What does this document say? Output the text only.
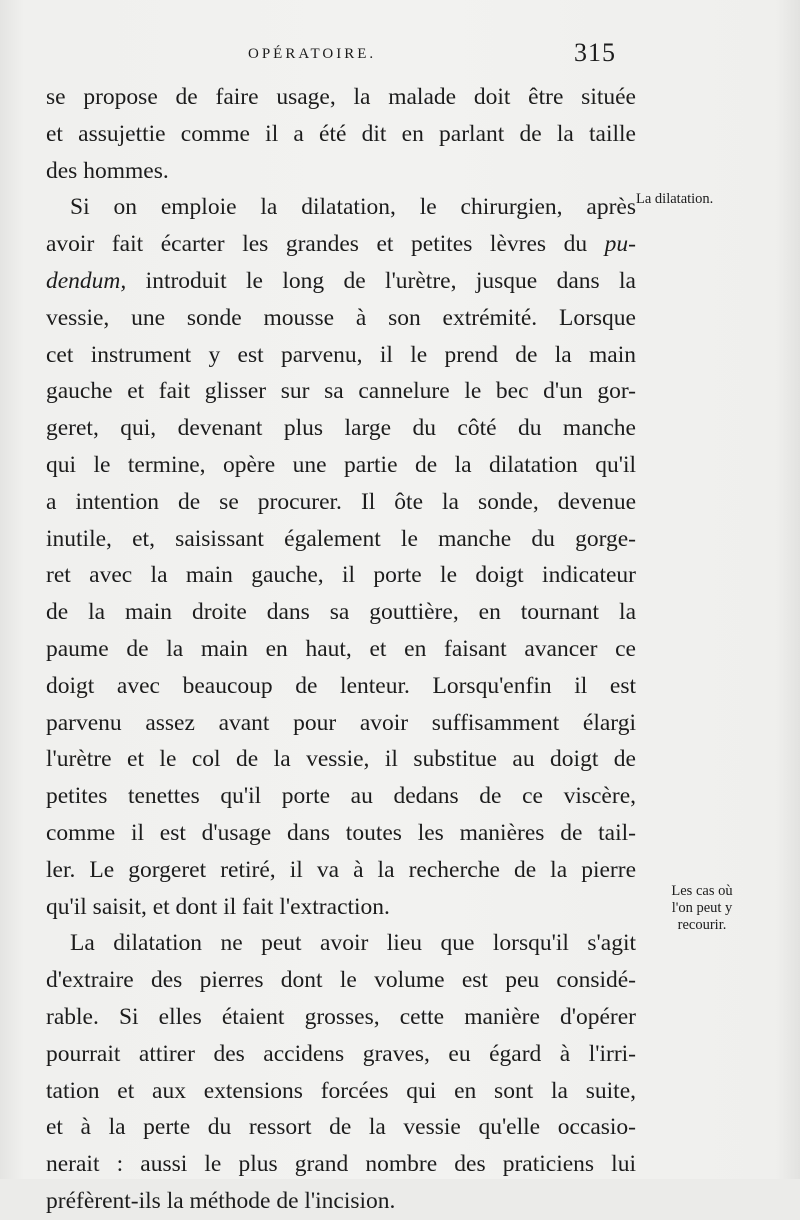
OPÉRATOIRE.	315
se propose de faire usage, la malade doit être située
et assujettie comme il a été dit en parlant de la taille
des hommes.
Si on emploie la dilatation, le chirurgien, après
avoir fait écarter les grandes et petites lèvres du pu-
dendum, introduit le long de l'urètre, jusque dans la
vessie, une sonde mousse à son extrémité. Lorsque
cet instrument y est parvenu, il le prend de la main
gauche et fait glisser sur sa cannelure le bec d'un gor-
geret, qui, devenant plus large du côté du manche
qui le termine, opère une partie de la dilatation qu'il
a intention de se procurer. Il ôte la sonde, devenue
inutile, et, saisissant également le manche du gorge-
ret avec la main gauche, il porte le doigt indicateur
de la main droite dans sa gouttière, en tournant la
paume de la main en haut, et en faisant avancer ce
doigt avec beaucoup de lenteur. Lorsqu'enfin il est
parvenu assez avant pour avoir suffisamment élargi
l'urètre et le col de la vessie, il substitue au doigt de
petites tenettes qu'il porte au dedans de ce viscère,
comme il est d'usage dans toutes les manières de tail-
ler. Le gorgeret retiré, il va à la recherche de la pierre
qu'il saisit, et dont il fait l'extraction.
La dilatation ne peut avoir lieu que lorsqu'il s'agit
d'extraire des pierres dont le volume est peu considé-
rable. Si elles étaient grosses, cette manière d'opérer
pourrait attirer des accidens graves, eu égard à l'irri-
tation et aux extensions forcées qui en sont la suite,
et à la perte du ressort de la vessie qu'elle occasio-
nerait : aussi le plus grand nombre des praticiens lui
préfèrent-ils la méthode de l'incision.
La dilatation.
Les cas où
l'on peut y
recourir.
